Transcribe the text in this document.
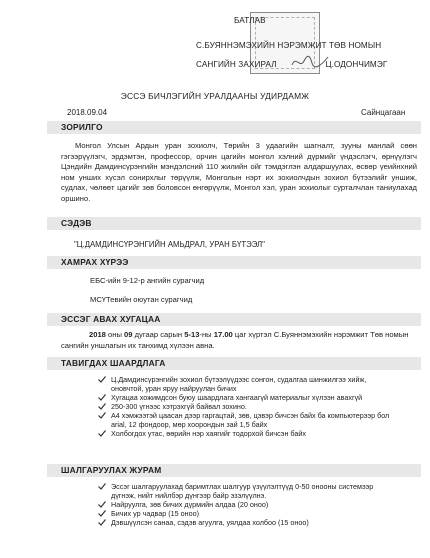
БАТЛАВ
С.БУЯННЭМЭХИЙН НЭРЭМЖИТ ТӨВ НОМЫН
САНГИЙН ЗАХИРАЛ	Ц.ОДОНЧИМЭГ
ЭССЭ БИЧЛЭГИЙН УРАЛДААНЫ УДИРДАМЖ
2018.09.04	Сайнцагаан
ЗОРИЛГО
Монгол Улсын Ардын уран зохиолч, Төрийн 3 удаагийн шагналт, зууны манлай сөөн гэгээрүүлэгч, эрдэмтэн, профессор, орчин цагийн монгол хэлний дүрмийг үндэслэгч, өрнүүлэгч Цэндийн Дамдинсүрэнгийн мэндэлсний 110 жилийн ойг тэмдэглэн алдаршуулах, өсвөр үеийнхний ном унших хүсэл сонирхлыг төрүүлж, Монголын нэрт их зохиолчдын зохиол бүтээлийг уншиж, судлах, чөлөөт цагийг зөв боловсон өнгөрүүлж, Монгол хэл, уран зохиолыг сурталчлан таниулахад оршино.
СЭДЭВ
"Ц.ДАМДИНСҮРЭНГИЙН АМЬДРАЛ, УРАН БҮТЭЭЛ"
ХАМРАХ ХҮРЭЭ
ЕБС-ийн 9-12-р ангийн сурагчид
МСҮТевийн оюутан сурагчид
ЭССЭГ АВАХ ХУГАЦАА
2018 оны 09 дугаар сарын 5-13-ны 17.00 цаг хүртэл С.Буяннэмэхийн нэрэмжит Төв номын сангийн уншлагын их танхимд хүлээн авна.
ТАВИГДАХ ШААРДЛАГА
Ц.Дамдинсүрэнгийн зохиол бүтээлүүдээс сонгон, судалгаа шинжилгээ хийж, оновчтой, уран яруу найруулан бичих
Хугацаа хожимдсон буюу шаардлага хангаагүй материалыг хүлээн авахгүй
250-300 үгнээс хэтрэхгүй байвал зохино.
А4 хэмжээтэй цаасан дээр гаргацтай, зөв, цэвэр бичсэн байх ба компьютерээр бол arial, 12 фондоор, мөр хоорондын зай 1,5 байх
Холбогдох утас, өөрийн нэр хаягийг тодорхой бичсэн байх
ШАЛГАРУУЛАХ ЖУРАМ
Эссэг шалгаруулахад баримтлах шалгуур үзүүлэлтүүд 0-50 онооны системээр дүгнэж, нийт нийлбэр дүнгээр байр эзэлүүлнэ.
Найруулга, зөв бичих дүрмийн алдаа (20 оноо)
Бичих ур чадвар (15 оноо)
Дэвшүүлсэн санаа, сэдэв агуулга, уялдаа холбоо (15 оноо)
